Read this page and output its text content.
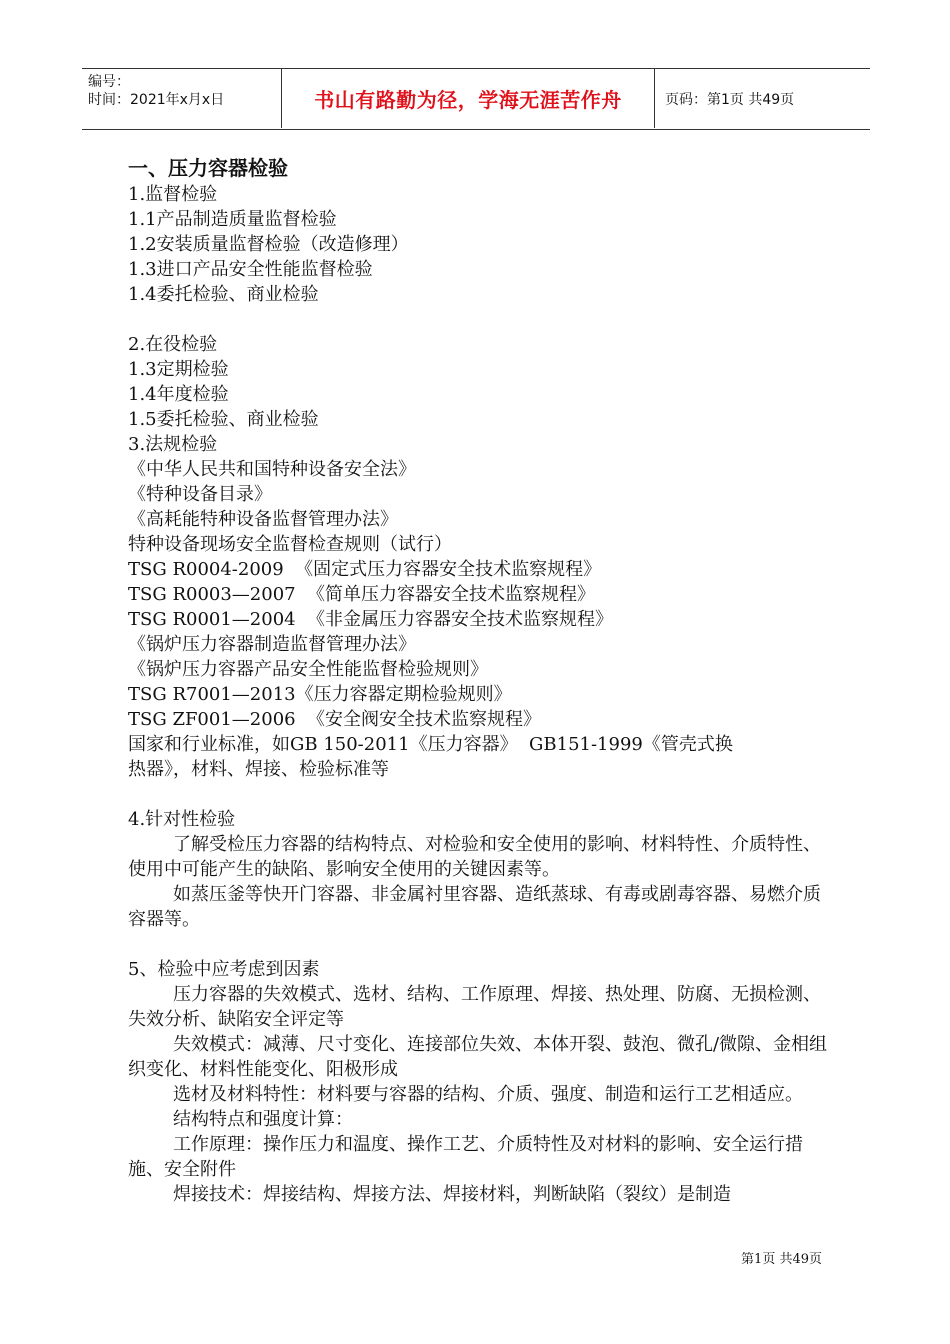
编号：
时间：2021年x月x日	书山有路勤为径，学海无涯苦作舟	页码：第1页 共49页

一、压力容器检验

1.监督检验

1.1产品制造质量监督检验

1.2安装质量监督检验（改造修理）

1.3进口产品安全性能监督检验

1.4委托检验、商业检验

2.在役检验

1.3定期检验

1.4年度检验

1.5委托检验、商业检验

3.法规检验

《中华人民共和国特种设备安全法》

《特种设备目录》

《高耗能特种设备监督管理办法》

特种设备现场安全监督检查规则（试行）

TSG R0004-2009  《固定式压力容器安全技术监察规程》

TSG R0003—2007  《简单压力容器安全技术监察规程》

TSG R0001—2004  《非金属压力容器安全技术监察规程》

《锅炉压力容器制造监督管理办法》

《锅炉压力容器产品安全性能监督检验规则》

TSG R7001—2013《压力容器定期检验规则》

TSG ZF001—2006  《安全阀安全技术监察规程》

国家和行业标准，如GB 150-2011《压力容器》  GB151-1999《管壳式换

热器》，材料、焊接、检验标准等

4.针对性检验

了解受检压力容器的结构特点、对检验和安全使用的影响、材料特性、介质特性、使用中可能产生的缺陷、影响安全使用的关键因素等。

如蒸压釜等快开门容器、非金属衬里容器、造纸蒸球、有毒或剧毒容器、易燃介质容器等。

5、检验中应考虑到因素

压力容器的失效模式、选材、结构、工作原理、焊接、热处理、防腐、无损检测、失效分析、缺陷安全评定等

失效模式：减薄、尺寸变化、连接部位失效、本体开裂、鼓泡、微孔/微隙、金相组织变化、材料性能变化、阳极形成

选材及材料特性：材料要与容器的结构、介质、强度、制造和运行工艺相适应。

结构特点和强度计算：

工作原理：操作压力和温度、操作工艺、介质特性及对材料的影响、安全运行措施、安全附件

焊接技术：焊接结构、焊接方法、焊接材料，判断缺陷（裂纹）是制造

第1页 共49页
